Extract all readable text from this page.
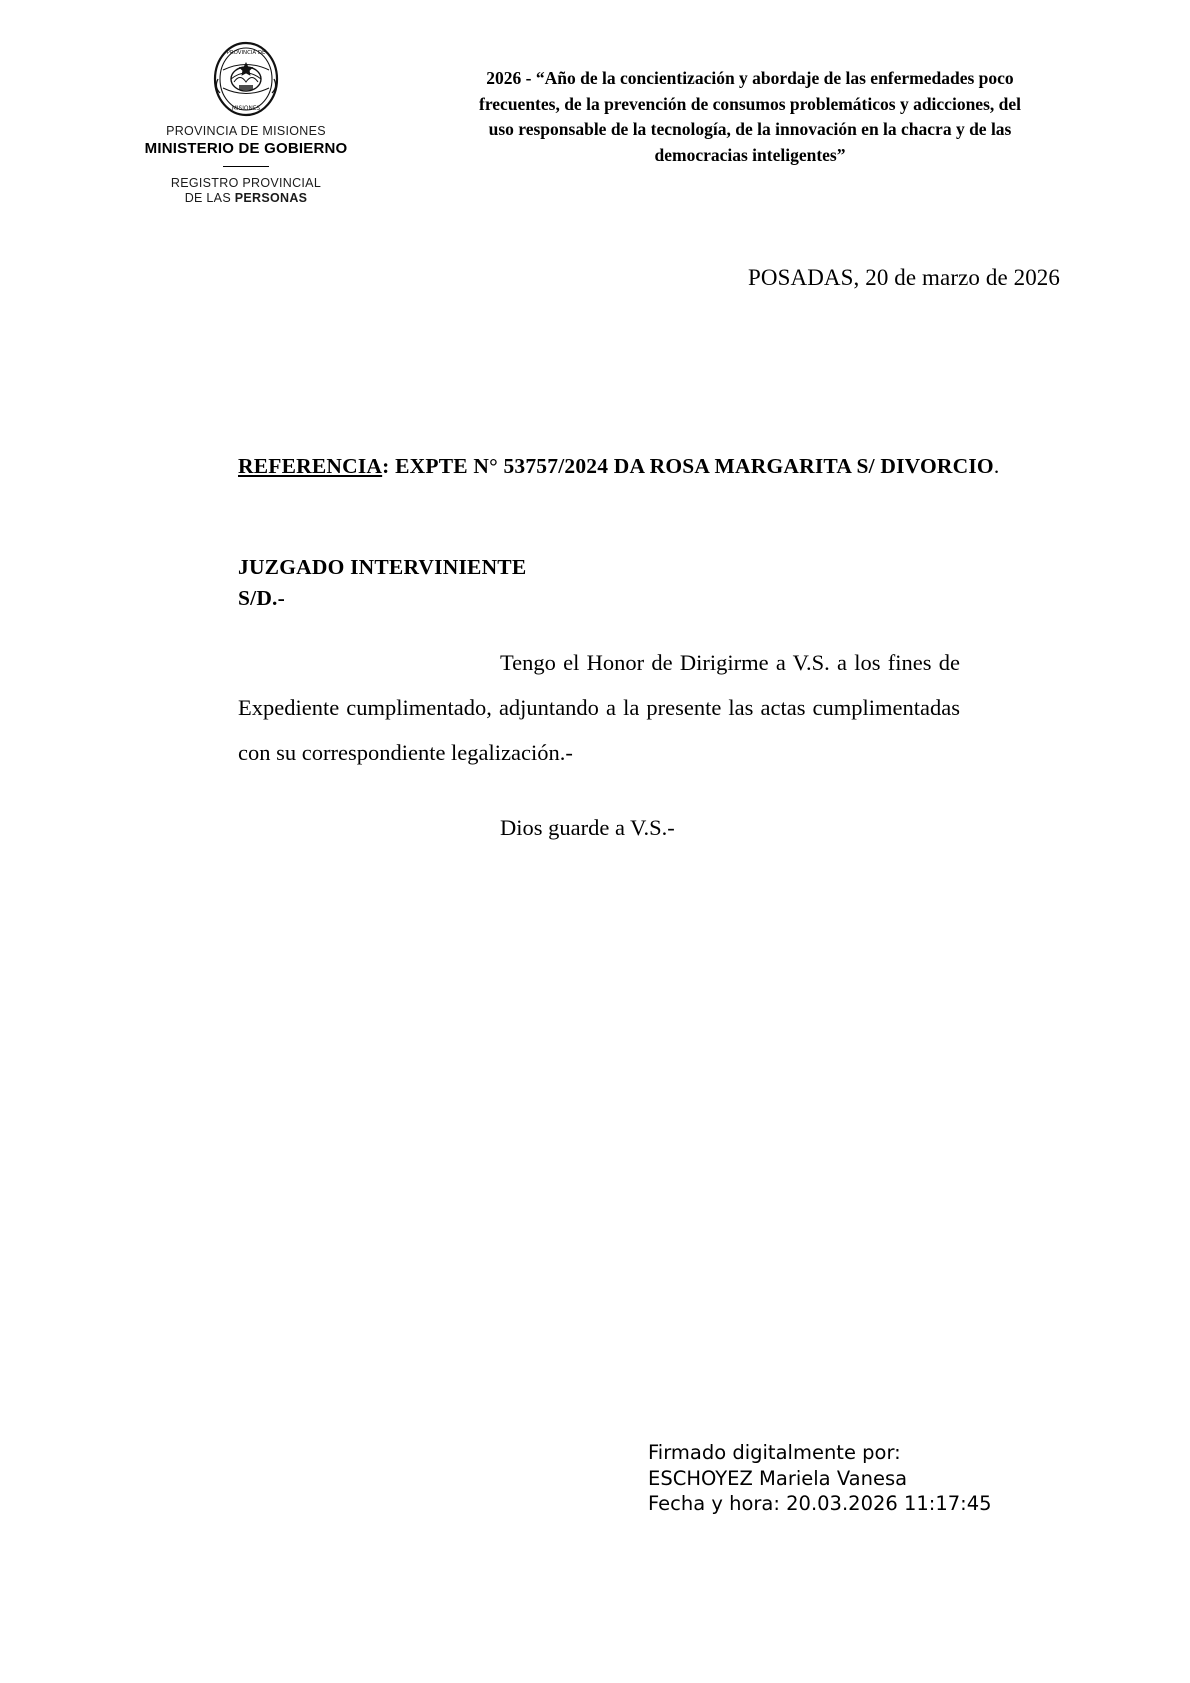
PROVINCIA DE
MISIONES
PROVINCIA DE MISIONES
MINISTERIO DE GOBIERNO
REGISTRO PROVINCIAL
DE LAS PERSONAS
2026 - “Año de la concientización y abordaje de las enfermedades poco frecuentes, de la prevención de consumos problemáticos y adicciones, del uso responsable de la tecnología, de la innovación en la chacra y de las democracias inteligentes”
POSADAS, 20 de marzo de 2026
REFERENCIA: EXPTE N° 53757/2024 DA ROSA MARGARITA S/ DIVORCIO.
JUZGADO INTERVINIENTE
S/D.-
Tengo el Honor de Dirigirme a V.S. a los fines de Expediente cumplimentado, adjuntando a la presente las actas cumplimentadas con su correspondiente legalización.-
Dios guarde a V.S.-
Firmado digitalmente por:
ESCHOYEZ Mariela Vanesa
Fecha y hora: 20.03.2026 11:17:45
